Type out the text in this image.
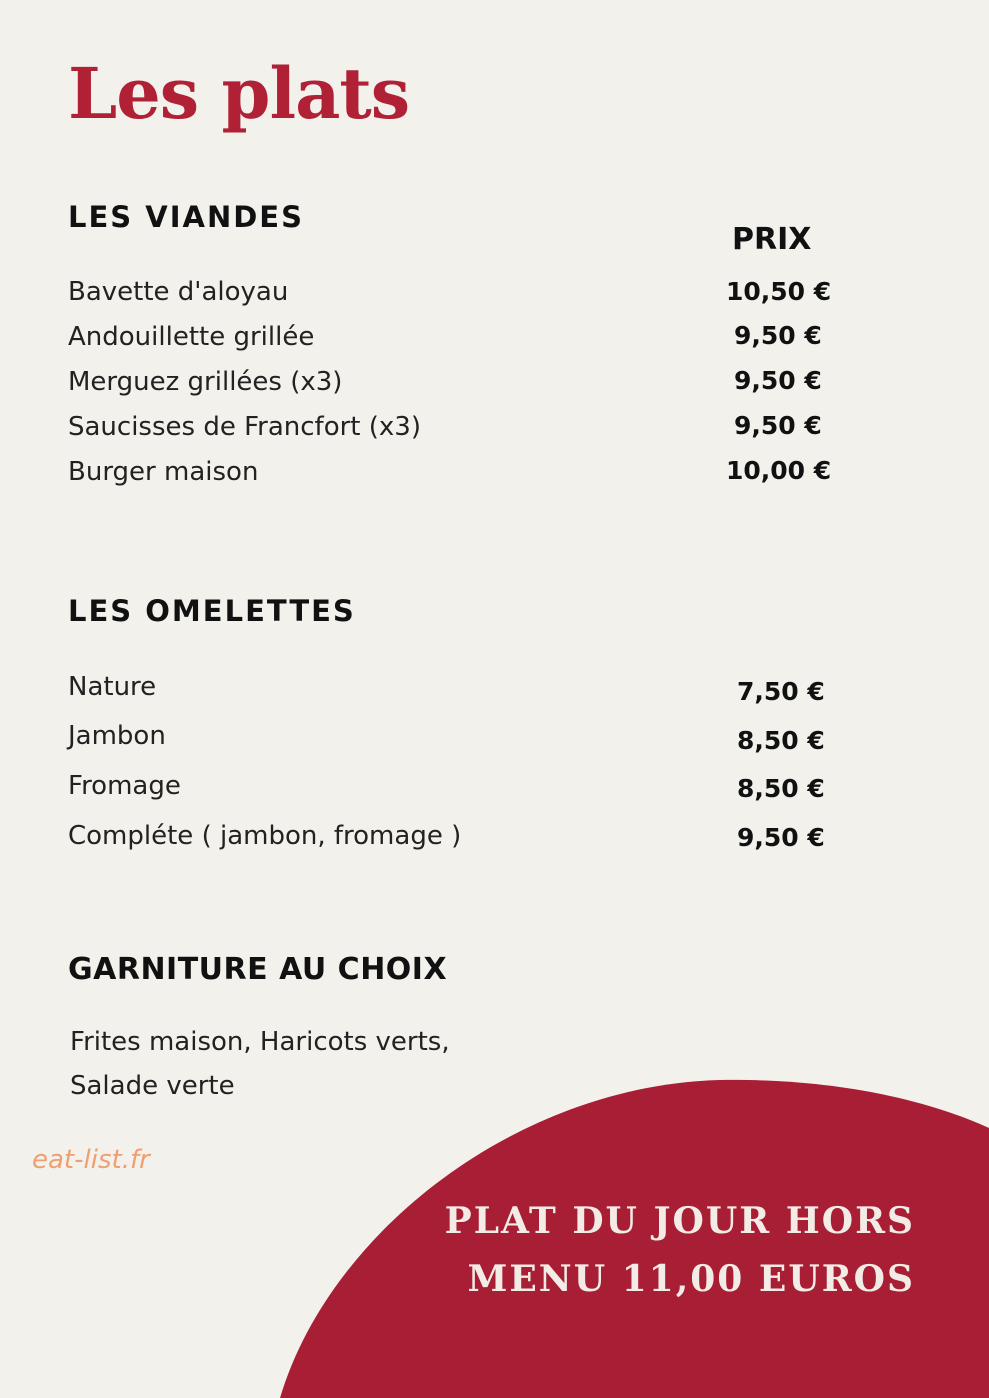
Les plats
LES VIANDES
PRIX
Bavette d'aloyau	10,50 €
Andouillette grillée	9,50 €
Merguez grillées (x3)	9,50 €
Saucisses de Francfort (x3)	9,50 €
Burger maison	10,00 €
LES OMELETTES
Nature	7,50 €
Jambon	8,50 €
Fromage	8,50 €
Compléte ( jambon, fromage )	9,50 €
GARNITURE AU CHOIX
Frites maison, Haricots verts,
Salade verte
eat-list.fr
PLAT DU JOUR HORS
MENU 11,00 EUROS
